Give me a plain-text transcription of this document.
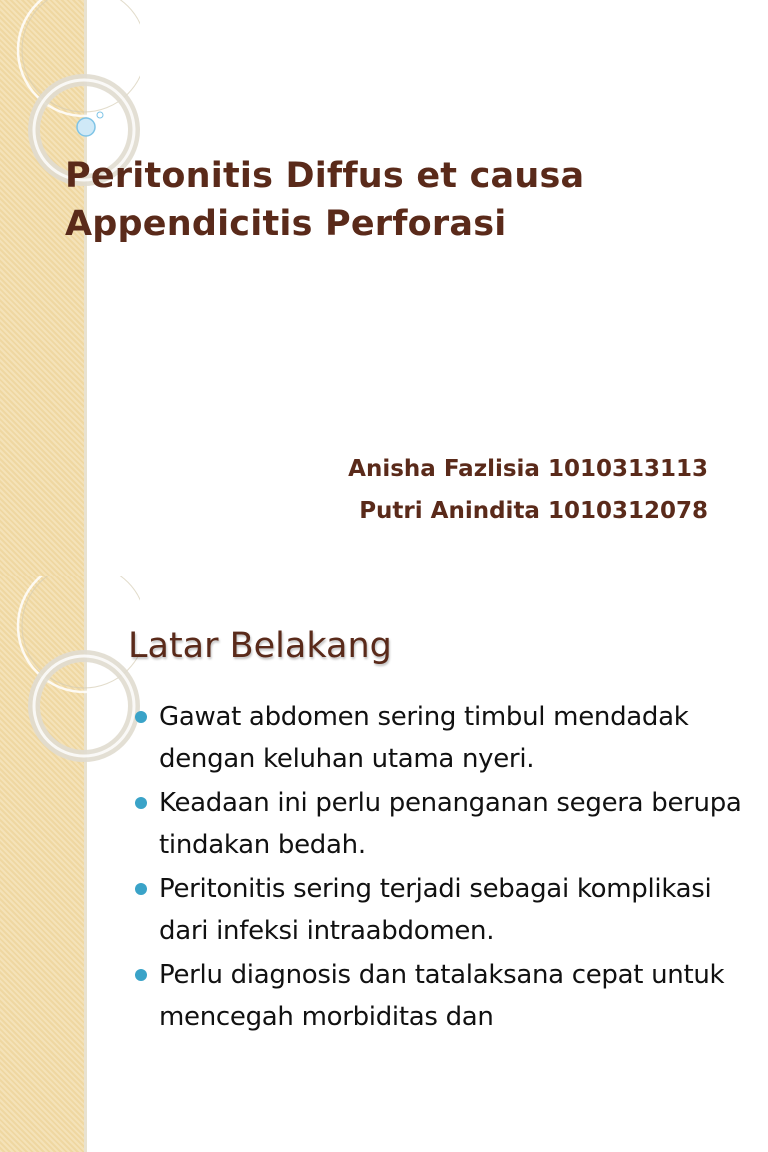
Peritonitis Diffus et causa
Appendicitis Perforasi
Anisha Fazlisia 1010313113
Putri Anindita 1010312078
Latar Belakang
Gawat abdomen sering timbul mendadak dengan keluhan utama nyeri.
Keadaan ini perlu penanganan segera berupa tindakan bedah.
Peritonitis sering terjadi sebagai komplikasi dari infeksi intraabdomen.
Perlu diagnosis dan tatalaksana cepat untuk mencegah morbiditas dan
